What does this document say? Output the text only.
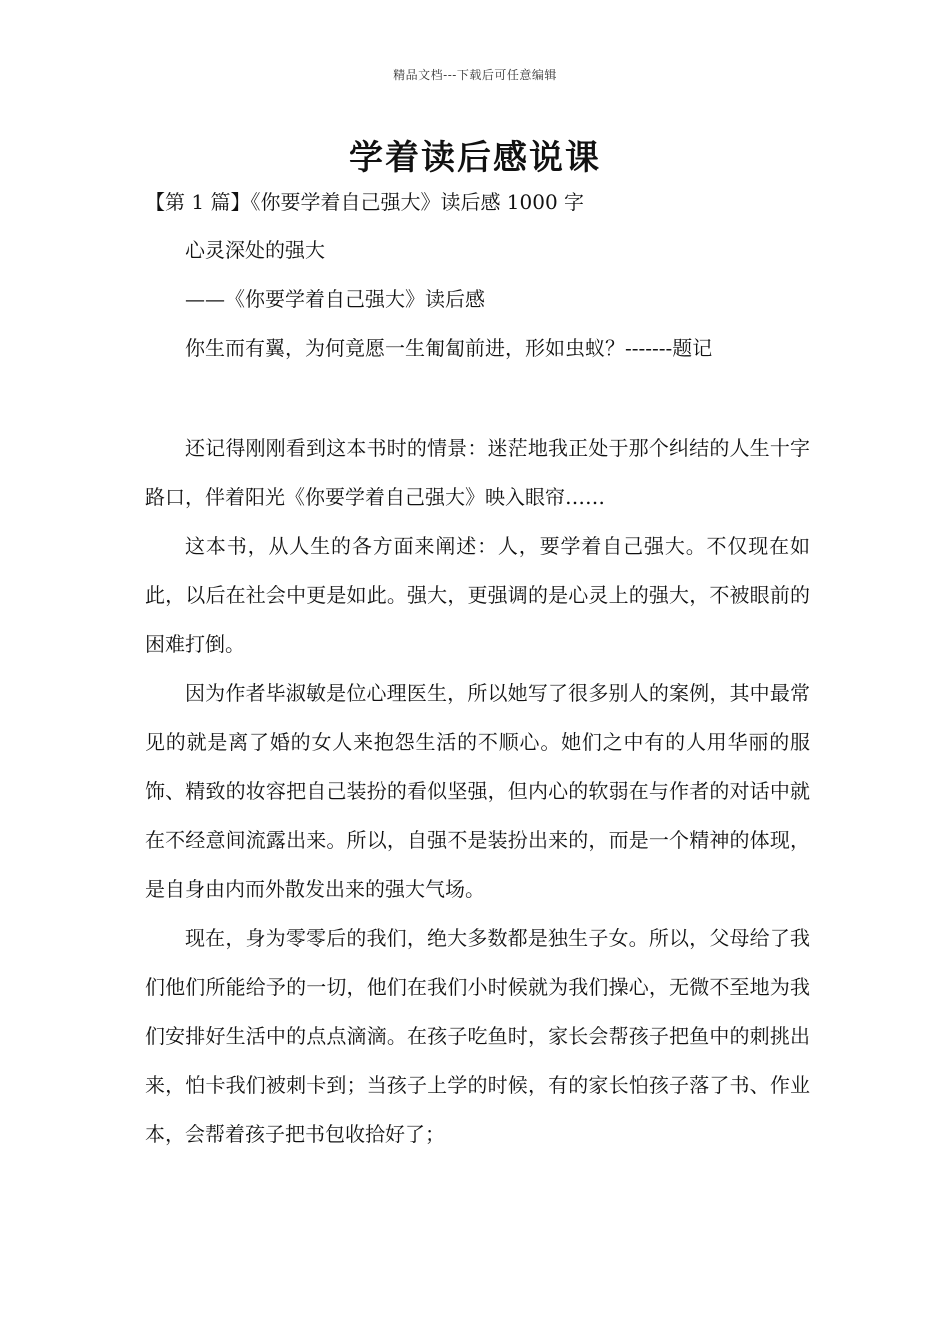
精品文档---下载后可任意编辑
学着读后感说课
【第 1 篇】《你要学着自己强大》读后感 1000 字

心灵深处的强大

——《你要学着自己强大》读后感

你生而有翼，为何竟愿一生匍匐前进，形如虫蚁？-------题记

还记得刚刚看到这本书时的情景：迷茫地我正处于那个纠结的人生十字路口，伴着阳光《你要学着自己强大》映入眼帘……

这本书，从人生的各方面来阐述：人，要学着自己强大。不仅现在如此，以后在社会中更是如此。强大，更强调的是心灵上的强大，不被眼前的困难打倒。

因为作者毕淑敏是位心理医生，所以她写了很多别人的案例，其中最常见的就是离了婚的女人来抱怨生活的不顺心。她们之中有的人用华丽的服饰、精致的妆容把自己装扮的看似坚强，但内心的软弱在与作者的对话中就在不经意间流露出来。所以，自强不是装扮出来的，而是一个精神的体现，是自身由内而外散发出来的强大气场。

现在，身为零零后的我们，绝大多数都是独生子女。所以，父母给了我们他们所能给予的一切，他们在我们小时候就为我们操心，无微不至地为我们安排好生活中的点点滴滴。在孩子吃鱼时，家长会帮孩子把鱼中的刺挑出来，怕卡我们被刺卡到；当孩子上学的时候，有的家长怕孩子落了书、作业本，会帮着孩子把书包收拾好了；
